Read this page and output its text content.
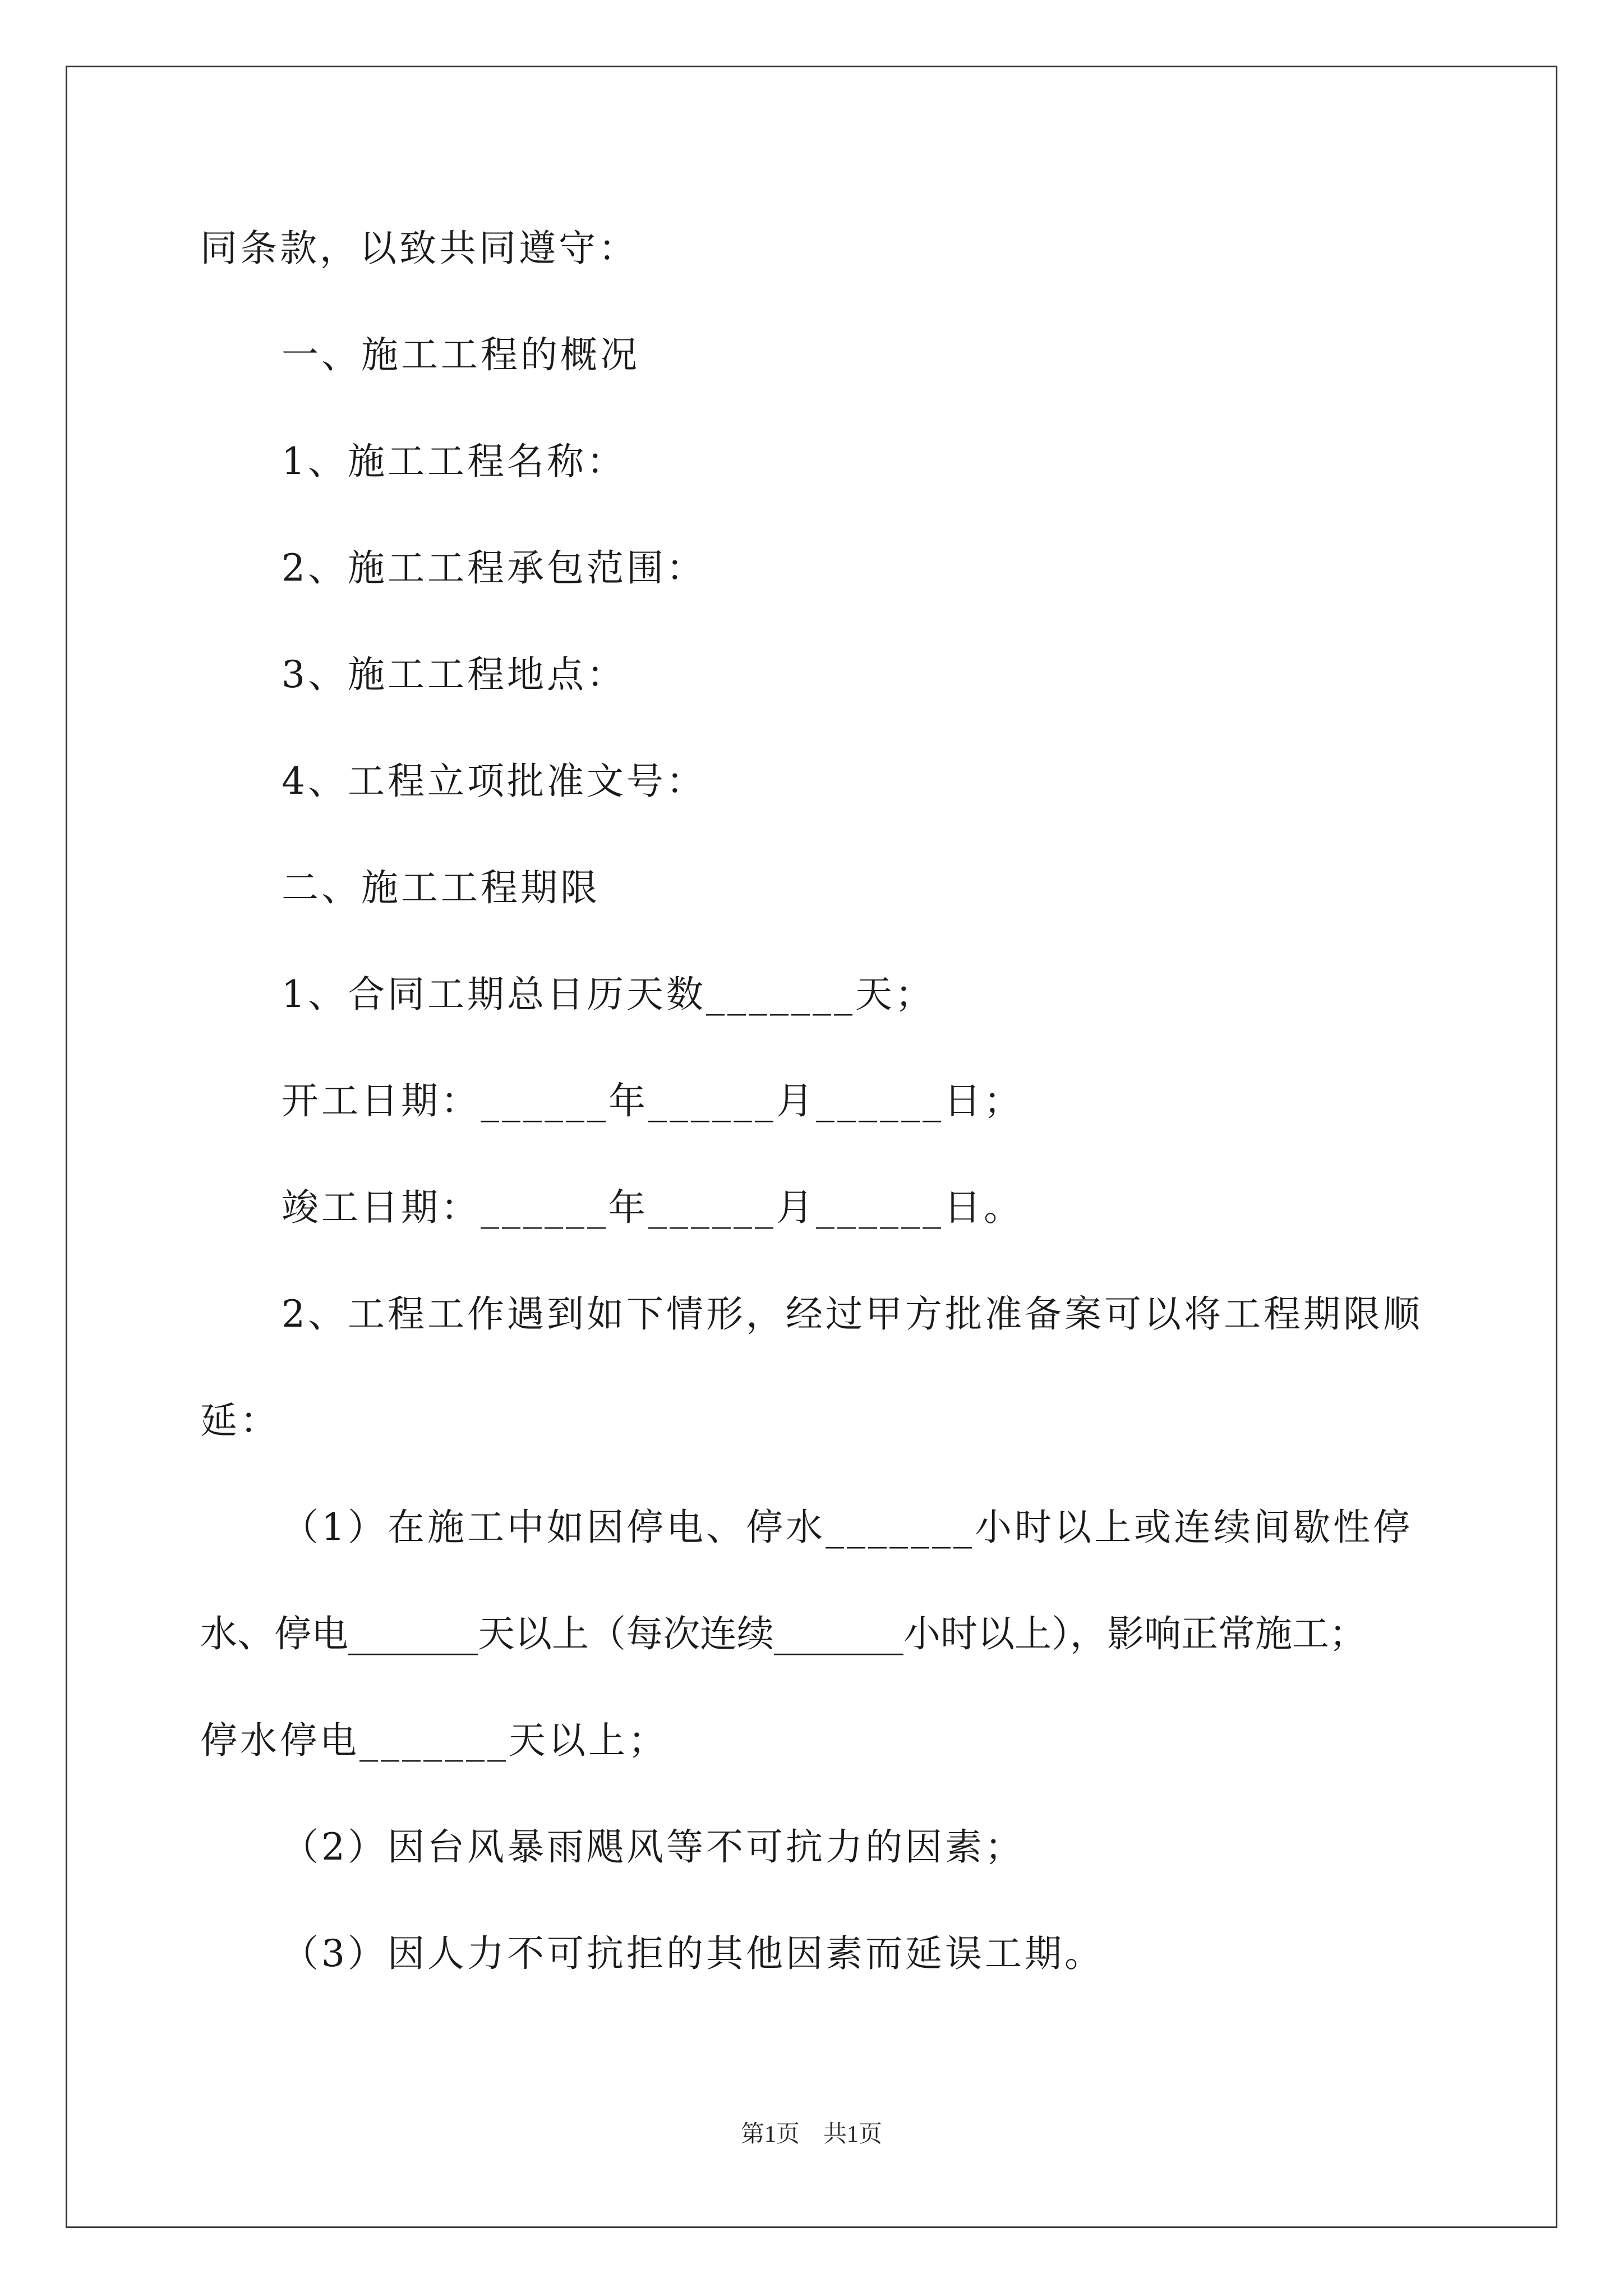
同条款，以致共同遵守：
一、施工工程的概况
1、施工工程名称：
2、施工工程承包范围：
3、施工工程地点：
4、工程立项批准文号：
二、施工工程期限
1、合同工期总日历天数_______天；
开工日期：______年______月______日；
竣工日期：______年______月______日。
2、工程工作遇到如下情形，经过甲方批准备案可以将工程期限顺
延：
（1）在施工中如因停电、停水_______小时以上或连续间歇性停
水、停电_______天以上（每次连续_______小时以上），影响正常施工；
停水停电_______天以上；
（2）因台风暴雨飓风等不可抗力的因素；
（3）因人力不可抗拒的其他因素而延误工期。
第1页　共1页
